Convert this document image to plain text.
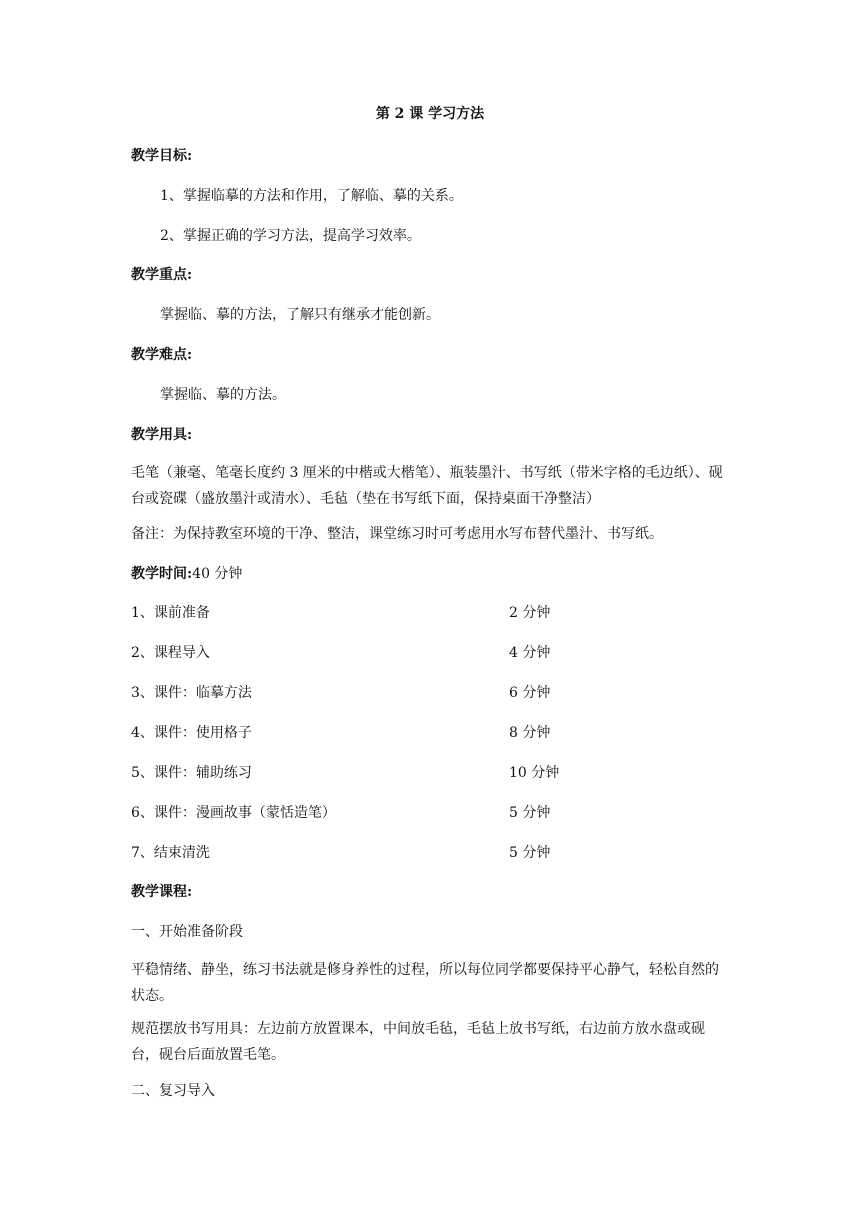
第 2 课 学习方法
教学目标:
1、掌握临摹的方法和作用，了解临、摹的关系。
2、掌握正确的学习方法，提高学习效率。
教学重点:
掌握临、摹的方法，了解只有继承才能创新。
教学难点:
掌握临、摹的方法。
教学用具:
毛笔（兼毫、笔毫长度约 3 厘米的中楷或大楷笔）、瓶装墨汁、书写纸（带米字格的毛边纸）、砚台或瓷碟（盛放墨汁或清水）、毛毡（垫在书写纸下面，保持桌面干净整洁）
备注：为保持教室环境的干净、整洁，课堂练习时可考虑用水写布替代墨汁、书写纸。
教学时间:40 分钟
1、课前准备	2 分钟
2、课程导入	4 分钟
3、课件：临摹方法	6 分钟
4、课件：使用格子	8 分钟
5、课件：辅助练习	10 分钟
6、课件：漫画故事（蒙恬造笔）	5 分钟
7、结束清洗	5 分钟
教学课程:
一、开始准备阶段
平稳情绪、静坐，练习书法就是修身养性的过程，所以每位同学都要保持平心静气，轻松自然的状态。
规范摆放书写用具：左边前方放置课本，中间放毛毡，毛毡上放书写纸，右边前方放水盘或砚台，砚台后面放置毛笔。
二、复习导入
